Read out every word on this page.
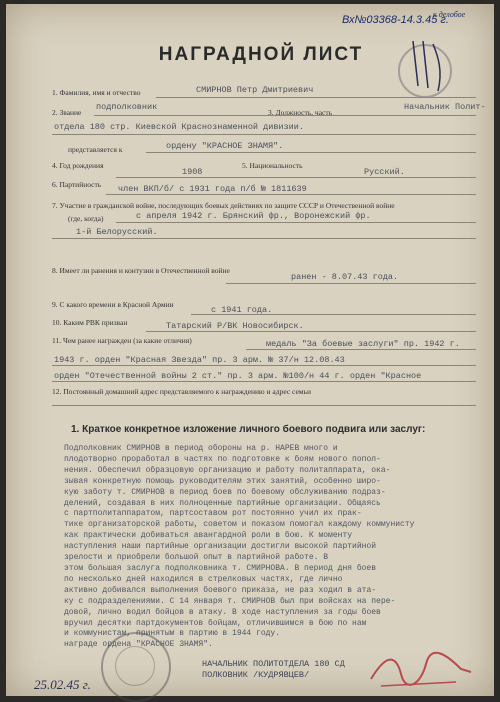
к делобое
Вх№03368-14.3.45 г.
НАГРАДНОЙ ЛИСТ
1. Фамилия, имя и отчество	СМИРНОВ Петр Дмитриевич
2. Звание
подполковник
3. Должность, часть
Начальник Полит-
отдела 180 стр. Киевской Краснознаменной дивизии.
представляется к	ордену "КРАСНОЕ ЗНАМЯ".
4. Год рождения
1908
5. Национальность
Русский.
6. Партийность член ВКП/б/ с 1931 года п/б № 1811639
7. Участие в гражданской войне, последующих боевых действиях по защите СССР и Отечественной войне
(где, когда)	с апреля 1942 г. Брянский фр., Воронежский фр.
1-й Белорусский.
8. Имеет ли ранения и контузии в Отечественной войне
ранен - 8.07.43 года.
9. С какого времени в Красной Армии
с 1941 года.
10. Каким РВК призван	Татарский Р/ВК Новосибирск.
11. Чем ранее награжден (за какие отличия)	медаль "За боевые заслуги" пр. 1942 г.
1943 г. орден "Красная Звезда" пр. 3 арм. № 37/н 12.08.43
орден "Отечественной войны 2 ст." пр. 3 арм. №100/н 44 г. орден "Красное
12. Постоянный домашний адрес представляемого к награждению и адрес семьи
1. Краткое конкретное изложение личного боевого подвига или заслуг:
Подполковник СМИРНОВ в период обороны на р. НАРЕВ много и
плодотворно проработал в частях по подготовке к боям нового попол-
нения. Обеспечил образцовую организацию и работу политаппарата, ока-
зывая конкретную помощь руководителям этих занятий, особенно широ-
кую заботу т. СМИРНОВ в период боев по боевому обслуживанию подраз-
делений, создавая в них полноценные партийные организации. Общаясь
с партполитаппаратом, партсоставом рот постоянно учил их прак-
тике организаторской работы, советом и показом помогал каждому коммунисту
как практически добиваться авангардной роли в бою. К моменту
наступления наши партийные организации достигли высокой партийной
зрелости и приобрели большой опыт в партийной работе. В
этом большая заслуга подполковника т. СМИРНОВА. В период дня боев
по несколько дней находился в стрелковых частях, где лично
активно добивался выполнения боевого приказа, не раз ходил в ата-
ку с подразделениями. С 14 января т. СМИРНОВ был при войсках на пере-
довой, лично водил бойцов в атаку. В ходе наступления за годы боев
вручил десятки партдокументов бойцам, отличившимся в бою по нам
и коммунистам, принятым в партию в 1944 году.
награде ордена "КРАСНОЕ ЗНАМЯ".
НАЧАЛЬНИК ПОЛИТОТДЕЛА 180 СД
ПОЛКОВНИК /КУДРЯВЦЕВ/
25.02.45 г.
